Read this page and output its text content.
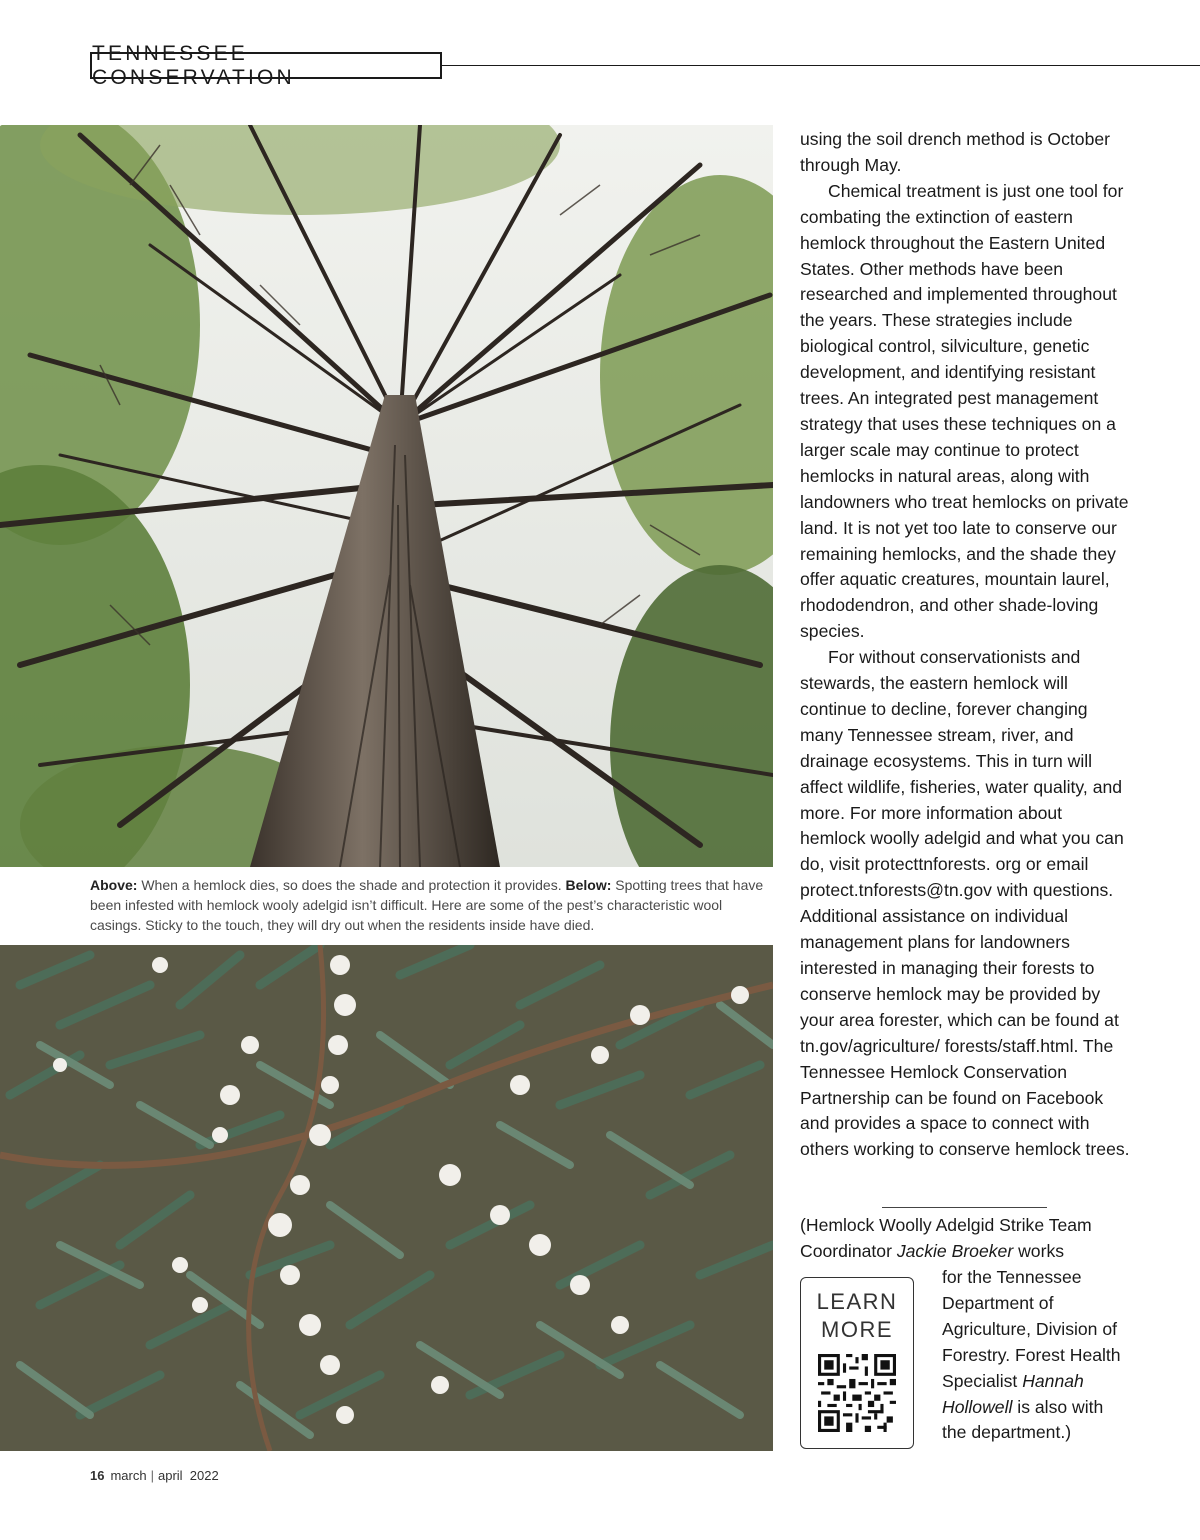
TENNESSEE CONSERVATION
Above: When a hemlock dies, so does the shade and protection it provides. Below: Spotting trees that have been infested with hemlock wooly adelgid isn’t difficult. Here are some of the pest’s characteristic wool casings. Sticky to the touch, they will dry out when the residents inside have died.

using the soil drench method is October through May.

Chemical treatment is just one tool for combating the extinction of eastern hemlock throughout the Eastern United States. Other methods have been researched and implemented throughout the years. These strategies include biological control, silviculture, genetic development, and identifying resistant trees. An integrated pest management strategy that uses these techniques on a larger scale may continue to protect hemlocks in natural areas, along with landowners who treat hemlocks on private land. It is not yet too late to conserve our remaining hemlocks, and the shade they offer aquatic creatures, mountain laurel, rhododendron, and other shade-loving species.

For without conservationists and stewards, the eastern hemlock will continue to decline, forever changing many Tennessee stream, river, and drainage ecosystems. This in turn will affect wildlife, fisheries, water quality, and more. For more information about hemlock woolly adelgid and what you can do, visit protecttnforests. org or email protect.tnforests@tn.gov with questions. Additional assistance on individual management plans for landowners interested in managing their forests to conserve hemlock may be provided by your area forester, which can be found at tn.gov/agriculture/ forests/staff.html. The Tennessee Hemlock Conservation Partnership can be found on Facebook and provides a space to connect with others working to conserve hemlock trees.

(Hemlock Woolly Adelgid Strike Team Coordinator Jackie Broeker works

for the Tennessee Department of Agriculture, Division of Forestry. Forest Health Specialist Hannah Hollowell is also with the department.)

LEARN
MORE
16 march | april 2022
